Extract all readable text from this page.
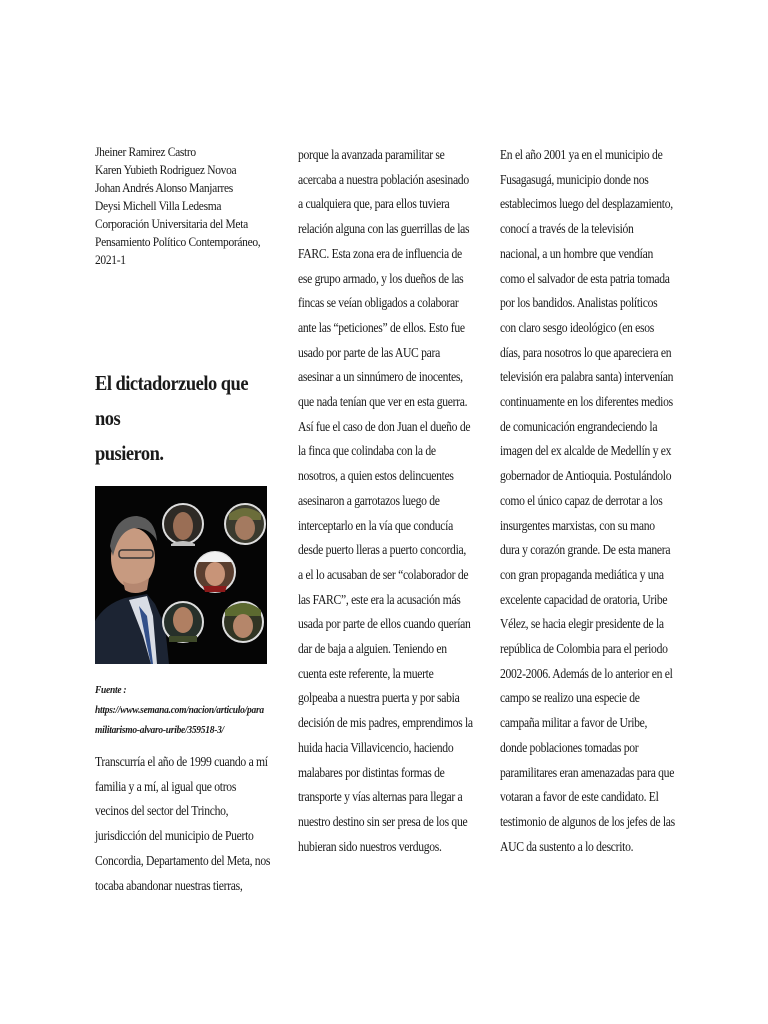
Jheiner Ramirez Castro
Karen Yubieth Rodriguez Novoa
Johan Andrés Alonso Manjarres
Deysi Michell Villa Ledesma
Corporación Universitaria del Meta
Pensamiento Político Contemporáneo,
2021-1
El dictadorzuelo que nos
pusieron.
Fuente :
https://www.semana.com/nacion/articulo/para
militarismo-alvaro-uribe/359518-3/
Transcurría el año de 1999 cuando a mí
familia y a mí, al igual que otros
vecinos del sector del Trincho,
jurisdicción del municipio de Puerto
Concordia, Departamento del Meta, nos
tocaba abandonar nuestras tierras,
porque la avanzada paramilitar se
acercaba a nuestra población asesinado
a cualquiera que, para ellos tuviera
relación alguna con las guerrillas de las
FARC. Esta zona era de influencia de
ese grupo armado, y los dueños de las
fincas se veían obligados a colaborar
ante las “peticiones” de ellos. Esto fue
usado por parte de las AUC para
asesinar a un sinnúmero de inocentes,
que nada tenían que ver en esta guerra.
Así fue el caso de don Juan el dueño de
la finca que colindaba con la de
nosotros, a quien estos delincuentes
asesinaron a garrotazos luego de
interceptarlo en la vía que conducía
desde puerto lleras a puerto concordia,
a el lo acusaban de ser “colaborador de
las FARC”, este era la acusación más
usada por parte de ellos cuando querían
dar de baja a alguien. Teniendo en
cuenta este referente, la muerte
golpeaba a nuestra puerta y por sabia
decisión de mis padres, emprendimos la
huida hacia Villavicencio, haciendo
malabares por distintas formas de
transporte y vías alternas para llegar a
nuestro destino sin ser presa de los que
hubieran sido nuestros verdugos.
En el año 2001 ya en el municipio de
Fusagasugá, municipio donde nos
establecimos luego del desplazamiento,
conocí a través de la televisión
nacional, a un hombre que vendían
como el salvador de esta patria tomada
por los bandidos. Analistas políticos
con claro sesgo ideológico (en esos
días, para nosotros lo que apareciera en
televisión era palabra santa) intervenían
continuamente en los diferentes medios
de comunicación engrandeciendo la
imagen del ex alcalde de Medellín y ex
gobernador de Antioquia. Postulándolo
como el único capaz de derrotar a los
insurgentes marxistas, con su mano
dura y corazón grande. De esta manera
con gran propaganda mediática y una
excelente capacidad de oratoria, Uribe
Vélez, se hacia elegir presidente de la
república de Colombia para el periodo
2002-2006. Además de lo anterior en el
campo se realizo una especie de
campaña militar a favor de Uribe,
donde poblaciones tomadas por
paramilitares eran amenazadas para que
votaran a favor de este candidato. El
testimonio de algunos de los jefes de las
AUC da sustento a lo descrito.
